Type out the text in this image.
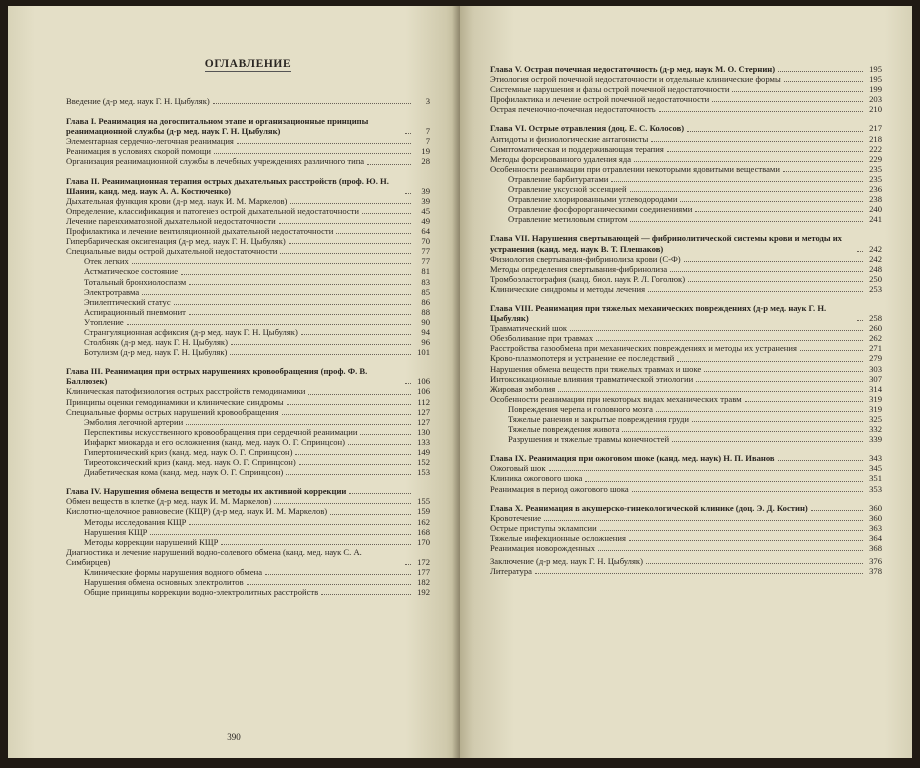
ОГЛАВЛЕНИЕ
Введение (д-р мед. наук Г. Н. Цыбуляк)	3
Глава I. Реанимация на догоспитальном этапе и организационные принципы реанимационной службы (д-р мед. наук Г. Н. Цыбуляк)	7
Элементарная сердечно-легочная реанимация	7
Реанимация в условиях скорой помощи	19
Организация реанимационной службы в лечебных учреждениях различного типа	28
Глава II. Реанимационная терапия острых дыхательных расстройств (проф. Ю. Н. Шанин, канд. мед. наук А. А. Костюченко)	39
Дыхательная функция крови (д-р мед. наук И. М. Маркелов)	39
Определение, классификация и патогенез острой дыхательной недостаточности	45
Лечение паренхиматозной дыхательной недостаточности	49
Профилактика и лечение вентиляционной дыхательной недостаточности	64
Гипербарическая оксигенация (д-р мед. наук Г. Н. Цыбуляк)	70
Специальные виды острой дыхательной недостаточности	77
Отек легких	77
Астматическое состояние	81
Тотальный бронхиолоспазм	83
Электротравма	85
Эпилептический статус	86
Аспирационный пневмонит	88
Утопление	90
Странгуляционная асфиксия (д-р мед. наук Г. Н. Цыбуляк)	94
Столбняк (д-р мед. наук Г. Н. Цыбуляк)	96
Ботулизм (д-р мед. наук Г. Н. Цыбуляк)	101
Глава III. Реанимация при острых нарушениях кровообращения (проф. Ф. В. Баллюзек)	106
Клиническая патофизиология острых расстройств гемодинамики	106
Принципы оценки гемодинамики и клинические синдромы	112
Специальные формы острых нарушений кровообращения	127
Эмболия легочной артерии	127
Перспективы искусственного кровообращения при сердечной реанимации	130
Инфаркт миокарда и его осложнения (канд. мед. наук О. Г. Спринцсон)	133
Гипертонический криз (канд. мед. наук О. Г. Спринцсон)	149
Тиреотоксический криз (канд. мед. наук О. Г. Спринцсон)	152
Диабетическая кома (канд. мед. наук О. Г. Спринцсон)	153
Глава IV. Нарушения обмена веществ и методы их активной коррекции
Обмен веществ в клетке (д-р мед. наук И. М. Маркелов)	155
Кислотно-щелочное равновесие (КЩР) (д-р мед. наук И. М. Маркелов)	159
Методы исследования КЩР	162
Нарушения КЩР	168
Методы коррекции нарушений КЩР	170
Диагностика и лечение нарушений водно-солевого обмена (канд. мед. наук С. А. Симбирцев)	172
Клинические формы нарушения водного обмена	177
Нарушения обмена основных электролитов	182
Общие принципы коррекции водно-электролитных расстройств	192
390
Глава V. Острая почечная недостаточность (д-р мед. наук М. О. Стернин)	195
Этиология острой почечной недостаточности и отдельные клинические формы	195
Системные нарушения и фазы острой почечной недостаточности	199
Профилактика и лечение острой почечной недостаточности	203
Острая печеночно-почечная недостаточность	210
Глава VI. Острые отравления (доц. Е. С. Колосов)	217
Антидоты и физиологические антагонисты	218
Симптоматическая и поддерживающая терапия	222
Методы форсированного удаления яда	229
Особенности реанимации при отравлении некоторыми ядовитыми веществами	235
Отравление барбитуратами	235
Отравление уксусной эссенцией	236
Отравление хлорированными углеводородами	238
Отравление фосфорорганическими соединениями	240
Отравление метиловым спиртом	241
Глава VII. Нарушения свертывающей — фибринолитической системы крови и методы их устранения (канд. мед. наук В. Т. Плешаков)	242
Физиология свертывания-фибринолиза крови (С-Ф)	242
Методы определения свертывания-фибринолиза	248
Тромбоэластография (канд. биол. наук Р. Л. Гоголюк)	250
Клинические синдромы и методы лечения	253
Глава VIII. Реанимация при тяжелых механических повреждениях (д-р мед. наук Г. Н. Цыбуляк)	258
Травматический шок	260
Обезболивание при травмах	262
Расстройства газообмена при механических повреждениях и методы их устранения	271
Крово-плазмопотеря и устранение ее последствий	279
Нарушения обмена веществ при тяжелых травмах и шоке	303
Интоксикационные влияния травматической этиологии	307
Жировая эмболия	314
Особенности реанимации при некоторых видах механических травм	319
Повреждения черепа и головного мозга	319
Тяжелые ранения и закрытые повреждения груди	325
Тяжелые повреждения живота	332
Разрушения и тяжелые травмы конечностей	339
Глава IX. Реанимация при ожоговом шоке (канд. мед. наук) Н. П. Иванов	343
Ожоговый шок	345
Клиника ожогового шока	351
Реанимация в период ожогового шока	353
Глава X. Реанимация в акушерско-гинекологической клинике (доц. Э. Д. Костин)	360
Кровотечение	360
Острые приступы эклампсии	363
Тяжелые инфекционные осложнения	364
Реанимация новорожденных	368
Заключение (д-р мед. наук Г. Н. Цыбуляк)	376
Литература	378
